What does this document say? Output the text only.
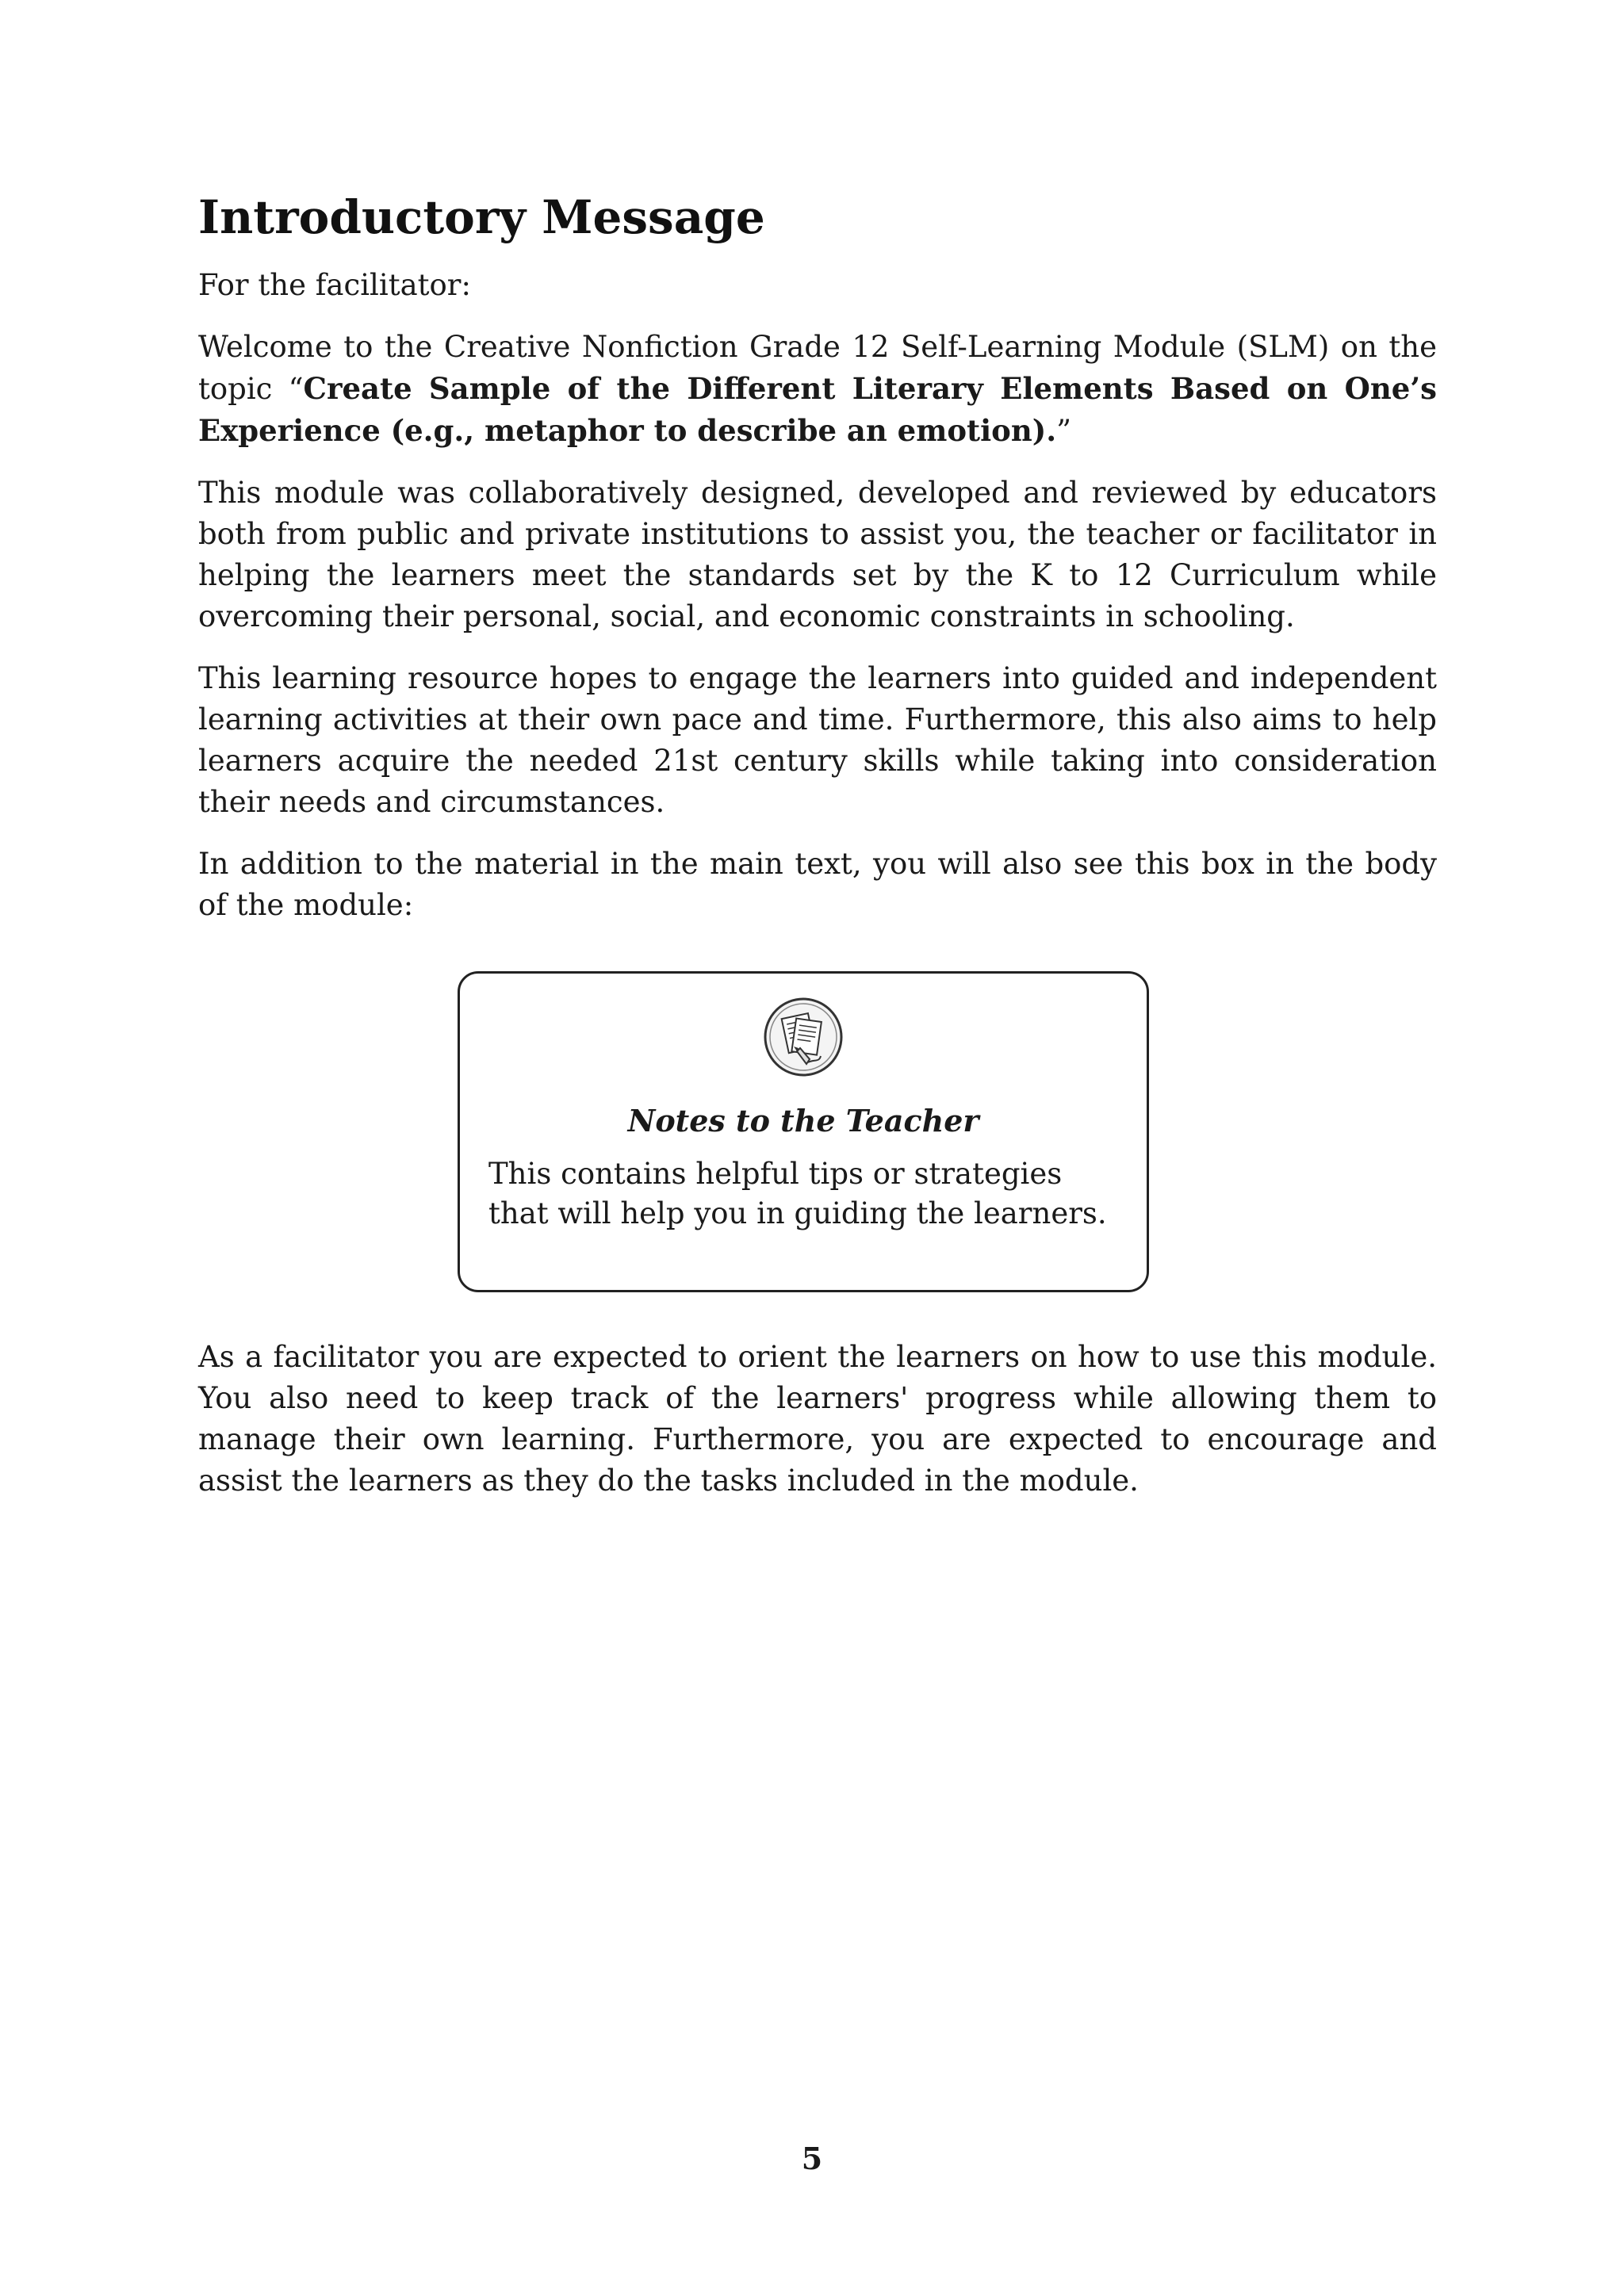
Introductory Message

For the facilitator:

Welcome to the Creative Nonfiction Grade 12 Self-Learning Module (SLM) on the topic “Create Sample of the Different Literary Elements Based on One’s Experience (e.g., metaphor to describe an emotion).”

This module was collaboratively designed, developed and reviewed by educators both from public and private institutions to assist you, the teacher or facilitator in helping the learners meet the standards set by the K to 12 Curriculum while overcoming their personal, social, and economic constraints in schooling.

This learning resource hopes to engage the learners into guided and independent learning activities at their own pace and time. Furthermore, this also aims to help learners acquire the needed 21st century skills while taking into consideration their needs and circumstances.

In addition to the material in the main text, you will also see this box in the body of the module:

Notes to the Teacher

This contains helpful tips or strategies that will help you in guiding the learners.

As a facilitator you are expected to orient the learners on how to use this module. You also need to keep track of the learners' progress while allowing them to manage their own learning. Furthermore, you are expected to encourage and assist the learners as they do the tasks included in the module.

5
